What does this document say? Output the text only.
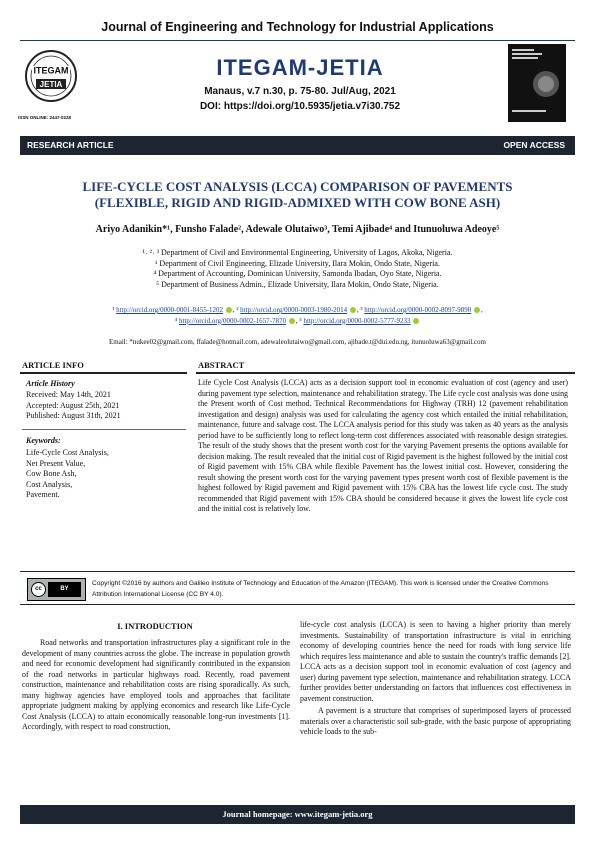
Journal of Engineering and Technology for Industrial Applications
ITEGAM
JETIA
ISSN ONLINE: 2447-0228
ITEGAM-JETIA
Manaus, v.7 n.30, p. 75-80. Jul/Aug, 2021
DOI: https://doi.org/10.5935/jetia.v7i30.752
RESEARCH ARTICLE	OPEN ACCESS
LIFE-CYCLE COST ANALYSIS (LCCA) COMPARISON OF PAVEMENTS
(FLEXIBLE, RIGID AND RIGID-ADMIXED WITH COW BONE ASH)
Ariyo Adanikin*¹, Funsho Falade², Adewale Olutaiwo³, Temi Ajibade⁴ and Itunuoluwa Adeoye⁵
¹˒ ²˒ ³ Department of Civil and Environmental Engineering, University of Lagos, Akoka, Nigeria.
¹ Department of Civil Engineering, Elizade University, Ilara Mokin, Ondo State, Nigeria.
⁴ Department of Accounting, Dominican University, Samonda Ibadan, Oyo State, Nigeria.
⁵ Department of Business Admin., Elizade University, Ilara Mokin, Ondo State, Nigeria.
¹ http://orcid.org/0000-0001-8455-1202 , ² http://orcid.org/0000-0003-1980-2014 , ³ http://orcid.org/0000-0002-8097-9890 ,
⁴ http://orcid.org/0000-0002-1657-7870 , ⁵ http://orcid.org/0000-0002-5777-9233
Email: *nukee02@gmail.com, ffalade@hotmail.com, adewaleolutaiwo@gmail.com, ajibade.t@dui.edu.ng, itunuoluwa63@gmail.com
ARTICLE INFO	ABSTRACT
Article History
Received: May 14th, 2021
Accepted: August 25th, 2021
Published: August 31th, 2021
Keywords:
Life-Cycle Cost Analysis,
Net Present Value,
Cow Bone Ash,
Cost Analysis,
Pavement.
Life Cycle Cost Analysis (LCCA) acts as a decision support tool in economic evaluation of cost (agency and user) during pavement type selection, maintenance and rehabilitation strategy. The Life cycle cost analysis was done using the Present worth of Cost method. Technical Recommendations for Highway (TRH) 12 (pavement rehabilitation investigation and design) analysis was used for calculating the agency cost which entailed the initial rehabilitation, maintenance, future and salvage cost. The LCCA analysis period for this study was taken as 40 years as the analysis period have to be sufficiently long to reflect long-term cost differences associated with reasonable design strategies. The result of the study shows that the present worth cost for the varying Pavement presents the options available for decision making. The result revealed that the initial cost of Rigid pavement is the highest followed by the initial cost of Rigid pavement with 15% CBA while flexible Pavement has the lowest initial cost. However, considering the result showing the present worth cost for the varying pavement types present worth cost of flexible pavement is the highest followed by Rigid pavement and Rigid pavement with 15% CBA has the lowest life cycle cost. The study recommended that Rigid pavement with 15% CBA should be considered because it gives the lowest life cycle cost and the initial cost is relatively low.
cc	BY
Copyright ©2016 by authors and Galileo Institute of Technology and Education of the Amazon (ITEGAM). This work is licensed under the Creative Commons Attribution International License (CC BY 4.0).
I. INTRODUCTION
Road networks and transportation infrastructures play a significant role in the development of many countries across the globe. The increase in population growth and need for economic development had significantly contributed in the expansion of the road networks in particular highways road. Recently, road pavement construction, maintenance and rehabilitation costs are rising sporadically. As such, many highway agencies have employed tools and approaches that facilitate appropriate judgment making by applying economics and research like Life-Cycle Cost Analysis (LCCA) to attain economically reasonable long-run investments [1]. Accordingly, with respect to road construction,
life-cycle cost analysis (LCCA) is seen to having a higher priority than merely investments. Sustainability of transportation infrastructure is vital in enriching economy of developing countries hence the need for roads with long service life which requires less maintenance and able to sustain the country's traffic demands [2]. LCCA acts as a decision support tool in economic evaluation of cost (agency and user) during pavement type selection, maintenance and rehabilitation strategy. LCCA further provides better understanding on factors that influences cost effectiveness in pavement construction.
A pavement is a structure that comprises of superimposed layers of processed materials over a characteristic soil sub-grade, with the basic purpose of appropriating vehicle loads to the sub-
Journal homepage: www.itegam-jetia.org
